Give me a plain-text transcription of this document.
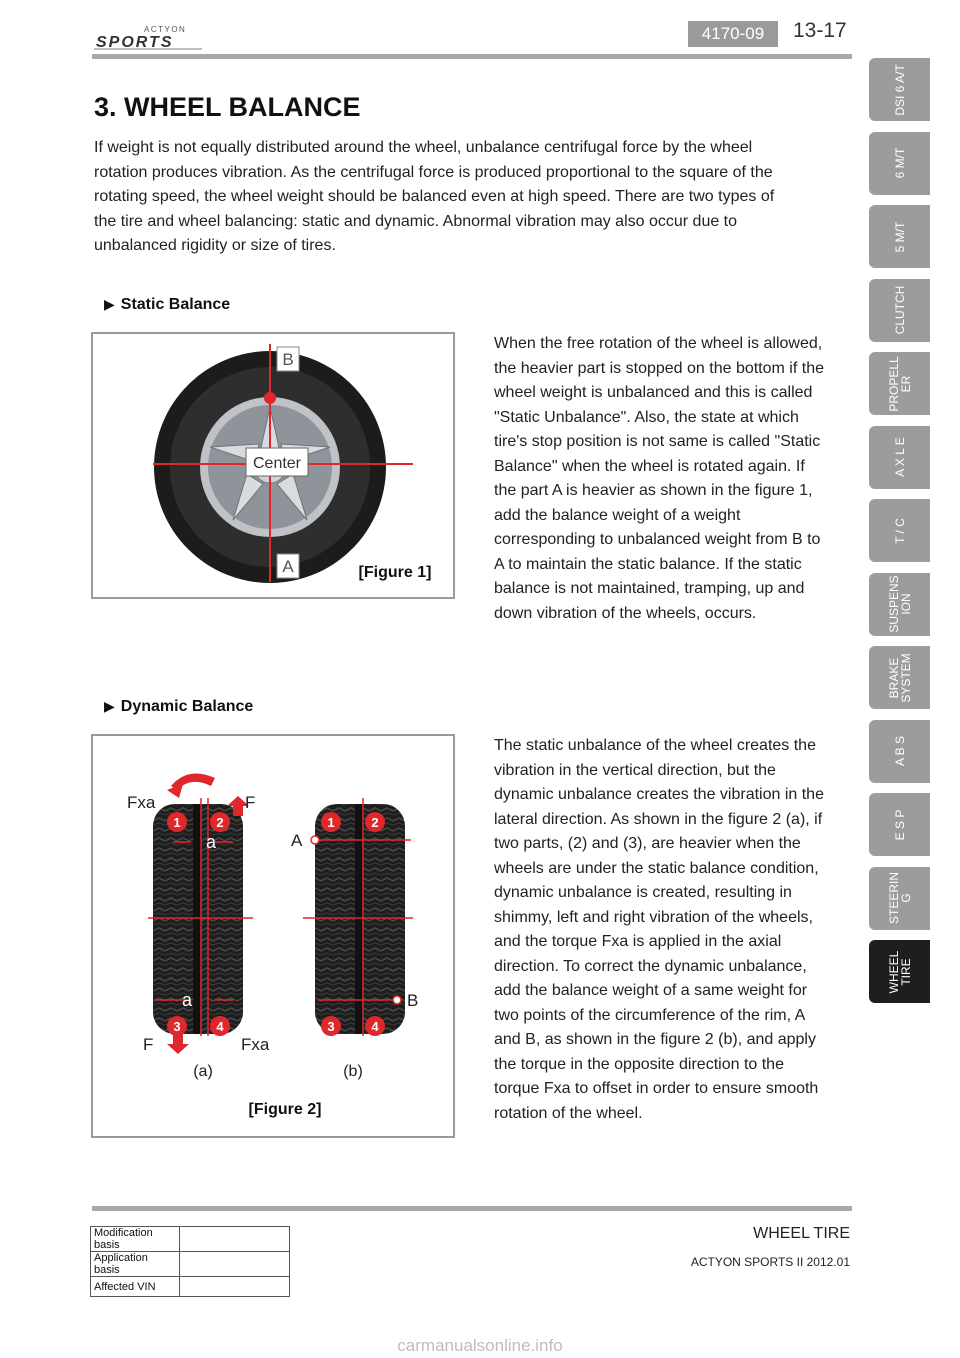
ACTYON
SPORTS	4170-09	13-17
DSI 6 A/T
6 M/T
5 M/T
CLUTCH
PROPELL
ER
A X L E
T / C
SUSPENS
ION
BRAKE
SYSTEM
A B S
E S P
STEERIN
G
WHEEL
TIRE
3. WHEEL BALANCE

If weight is not equally distributed around the wheel, unbalance centrifugal force by the wheel rotation produces vibration. As the centrifugal force is produced proportional to the square of the rotating speed, the wheel weight should be balanced even at high speed. There are two types of the tire and wheel balancing: static and dynamic. Abnormal vibration may also occur due to unbalanced rigidity or size of tires.

▶ Static Balance
B
A
Center
[Figure 1]

When the free rotation of the wheel is allowed, the heavier part is stopped on the bottom if the wheel weight is unbalanced and this is called "Static Unbalance". Also, the state at which tire's stop position is not same is called "Static Balance" when the wheel is rotated again. If the part A is heavier as shown in the figure 1, add the balance weight of a weight corresponding to unbalanced weight from B to A to maintain the static balance. If the static balance is not maintained, tramping, up and down vibration of the wheels, occurs.

▶ Dynamic Balance
1	2
3	4
1	2
3	4
Fxa	F
F	Fxa
A
B
(a)	(b)
a
a
[Figure 2]

The static unbalance of the wheel creates the vibration in the vertical direction, but the dynamic unbalance creates the vibration in the lateral direction. As shown in the figure 2 (a), if two parts, (2) and (3), are heavier when the wheels are under the static balance condition, dynamic unbalance is created, resulting in shimmy, left and right vibration of the wheels, and the torque Fxa is applied in the axial direction. To correct the dynamic unbalance, add the balance weight of a same weight for two points of the circumference of the rim, A and B, as shown in the figure 2 (b), and apply the torque in the opposite direction to the torque Fxa to offset in order to ensure smooth rotation of the wheel.

Modification basis	
Application basis	
Affected VIN	
WHEEL TIRE
ACTYON SPORTS II 2012.01
carmanualsonline.info
